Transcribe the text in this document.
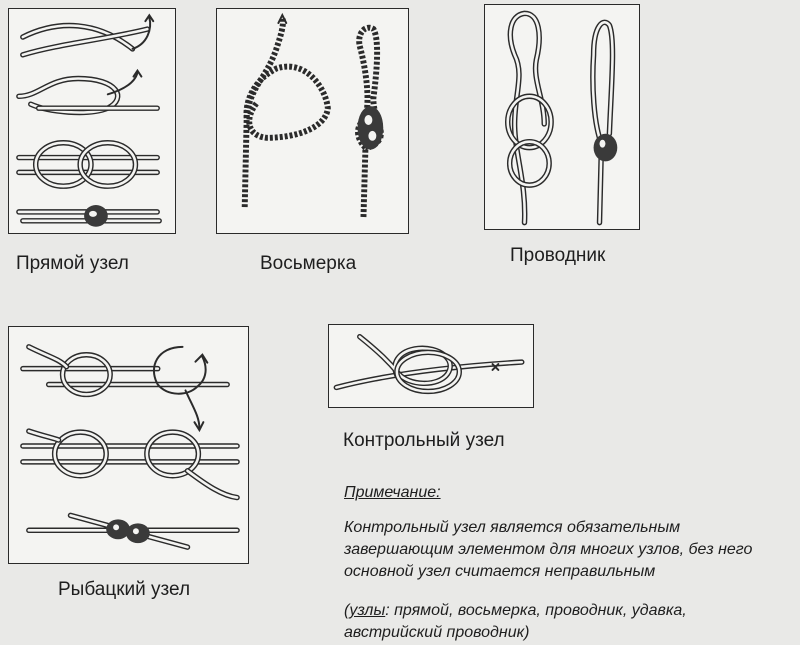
Прямой узел	Восьмерка	Проводник
Рыбацкий узел
Контрольный узел
Примечание:
Контрольный узел является обязательным завершающим элементом для многих узлов, без него основной узел считается неправильным
(узлы: прямой, восьмерка, проводник, удавка, австрийский проводник)
